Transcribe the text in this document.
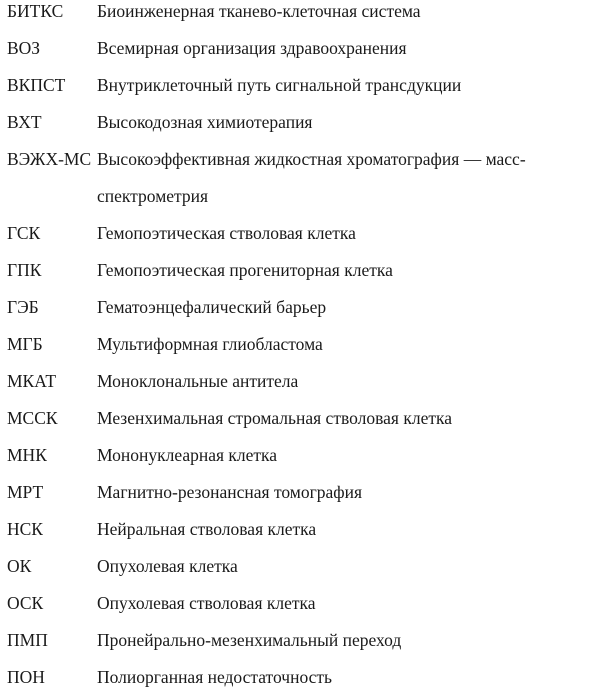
БИТКС Биоинженерная тканево-клеточная система
ВОЗ	Всемирная организация здравоохранения
ВКПСТ Внутриклеточный путь сигнальной трансдукции
ВХТ	Высокодозная химиотерапия
ВЭЖХ-МС Высокоэффективная жидкостная хроматография — масс-спектрометрия
ГСК	Гемопоэтическая стволовая клетка
ГПК	Гемопоэтическая прогениторная клетка
ГЭБ	Гематоэнцефалический барьер
МГБ	Мультиформная глиобластома
МКАТ Моноклональные антитела
МССК Мезенхимальная стромальная стволовая клетка
МНК	Мононуклеарная клетка
МРТ	Магнитно-резонансная томография
НСК	Нейральная стволовая клетка
ОК	Опухолевая клетка
ОСК	Опухолевая стволовая клетка
ПМП	Пронейрально-мезенхимальный переход
ПОН	Полиорганная недостаточность
